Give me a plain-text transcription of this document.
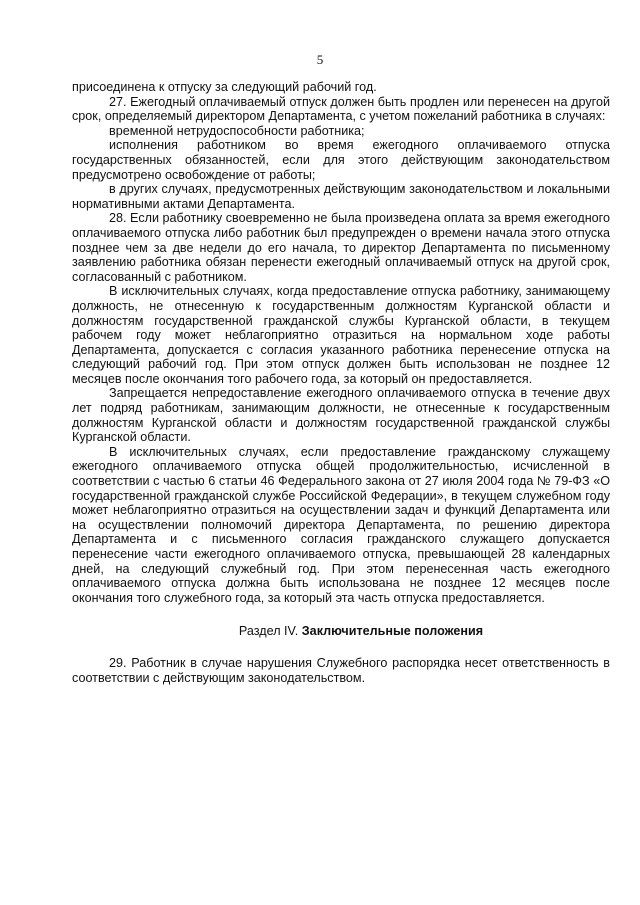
5

присоединена к отпуску за следующий рабочий год.

27. Ежегодный оплачиваемый отпуск должен быть продлен или перенесен на другой срок, определяемый директором Департамента, с учетом пожеланий работника в случаях:

временной нетрудоспособности работника;

исполнения работником во время ежегодного оплачиваемого отпуска государственных обязанностей, если для этого действующим законодательством предусмотрено освобождение от работы;

в других случаях, предусмотренных действующим законодательством и локальными нормативными актами Департамента.

28. Если работнику своевременно не была произведена оплата за время ежегодного оплачиваемого отпуска либо работник был предупрежден о времени начала этого отпуска позднее чем за две недели до его начала, то директор Департамента по письменному заявлению работника обязан перенести ежегодный оплачиваемый отпуск на другой срок, согласованный с работником.

В исключительных случаях, когда предоставление отпуска работнику, занимающему должность, не отнесенную к государственным должностям Курганской области и должностям государственной гражданской службы Курганской области, в текущем рабочем году может неблагоприятно отразиться на нормальном ходе работы Департамента, допускается с согласия указанного работника перенесение отпуска на следующий рабочий год. При этом отпуск должен быть использован не позднее 12 месяцев после окончания того рабочего года, за который он предоставляется.

Запрещается непредоставление ежегодного оплачиваемого отпуска в течение двух лет подряд работникам, занимающим должности, не отнесенные к государственным должностям Курганской области и должностям государственной гражданской службы Курганской области.

В исключительных случаях, если предоставление гражданскому служащему ежегодного оплачиваемого отпуска общей продолжительностью, исчисленной в соответствии с частью 6 статьи 46 Федерального закона от 27 июля 2004 года № 79-ФЗ «О государственной гражданской службе Российской Федерации», в текущем служебном году может неблагоприятно отразиться на осуществлении задач и функций Департамента или на осуществлении полномочий директора Департамента, по решению директора Департамента и с письменного согласия гражданского служащего допускается перенесение части ежегодного оплачиваемого отпуска, превышающей 28 календарных дней, на следующий служебный год. При этом перенесенная часть ежегодного оплачиваемого отпуска должна быть использована не позднее 12 месяцев после окончания того служебного года, за который эта часть отпуска предоставляется.

Раздел IV. Заключительные положения

29. Работник в случае нарушения Служебного распорядка несет ответственность в соответствии с действующим законодательством.
